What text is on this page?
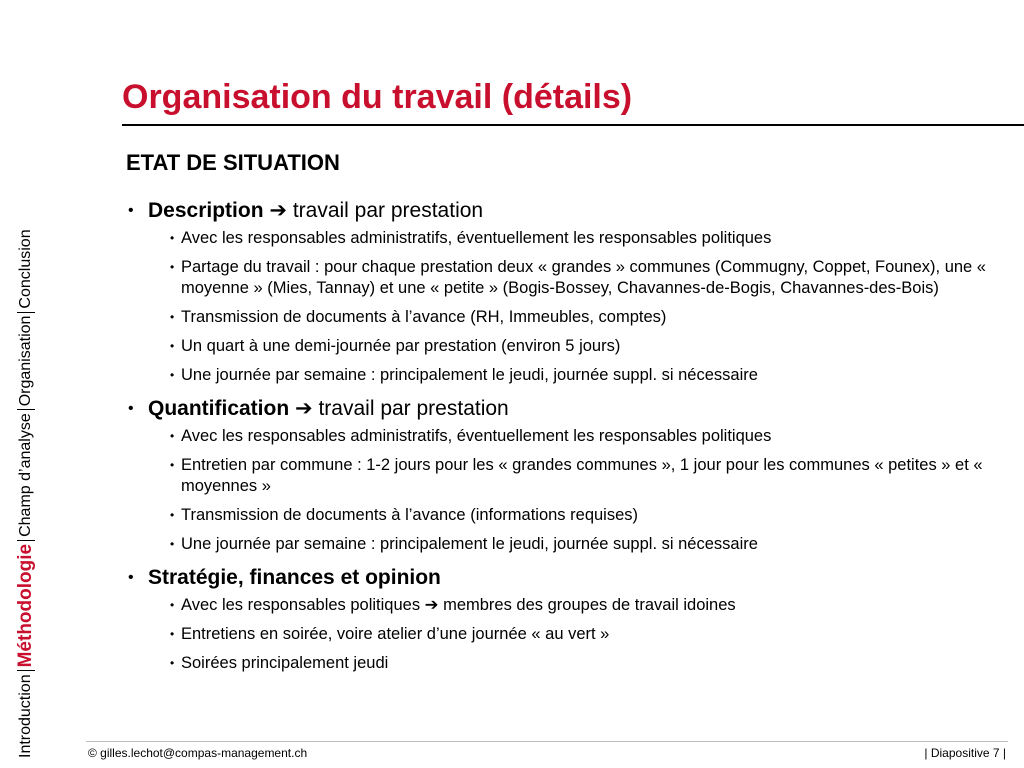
Introduction
Méthodologie
Champ d’analyse
Organisation
Conclusion
Organisation du travail (détails)
ETAT DE SITUATION
• Description ➔ travail par prestation
• Avec les responsables administratifs, éventuellement les responsables politiques
• Partage du travail : pour chaque prestation deux « grandes » communes (Commugny, Coppet, Founex), une « moyenne » (Mies, Tannay) et une « petite » (Bogis-Bossey, Chavannes-de-Bogis, Chavannes-des-Bois)
• Transmission de documents à l’avance (RH, Immeubles, comptes)
• Un quart à une demi-journée par prestation (environ 5 jours)
• Une journée par semaine : principalement le jeudi, journée suppl. si nécessaire
• Quantification ➔ travail par prestation
• Avec les responsables administratifs, éventuellement les responsables politiques
• Entretien par commune : 1-2 jours pour les « grandes communes », 1 jour pour les communes « petites » et « moyennes »
• Transmission de documents à l’avance (informations requises)
• Une journée par semaine : principalement le jeudi, journée suppl. si nécessaire
• Stratégie, finances et opinion
• Avec les responsables politiques ➔ membres des groupes de travail idoines
• Entretiens en soirée, voire atelier d’une journée « au vert »
• Soirées principalement jeudi
© gilles.lechot@compas-management.ch	| Diapositive 7 |
